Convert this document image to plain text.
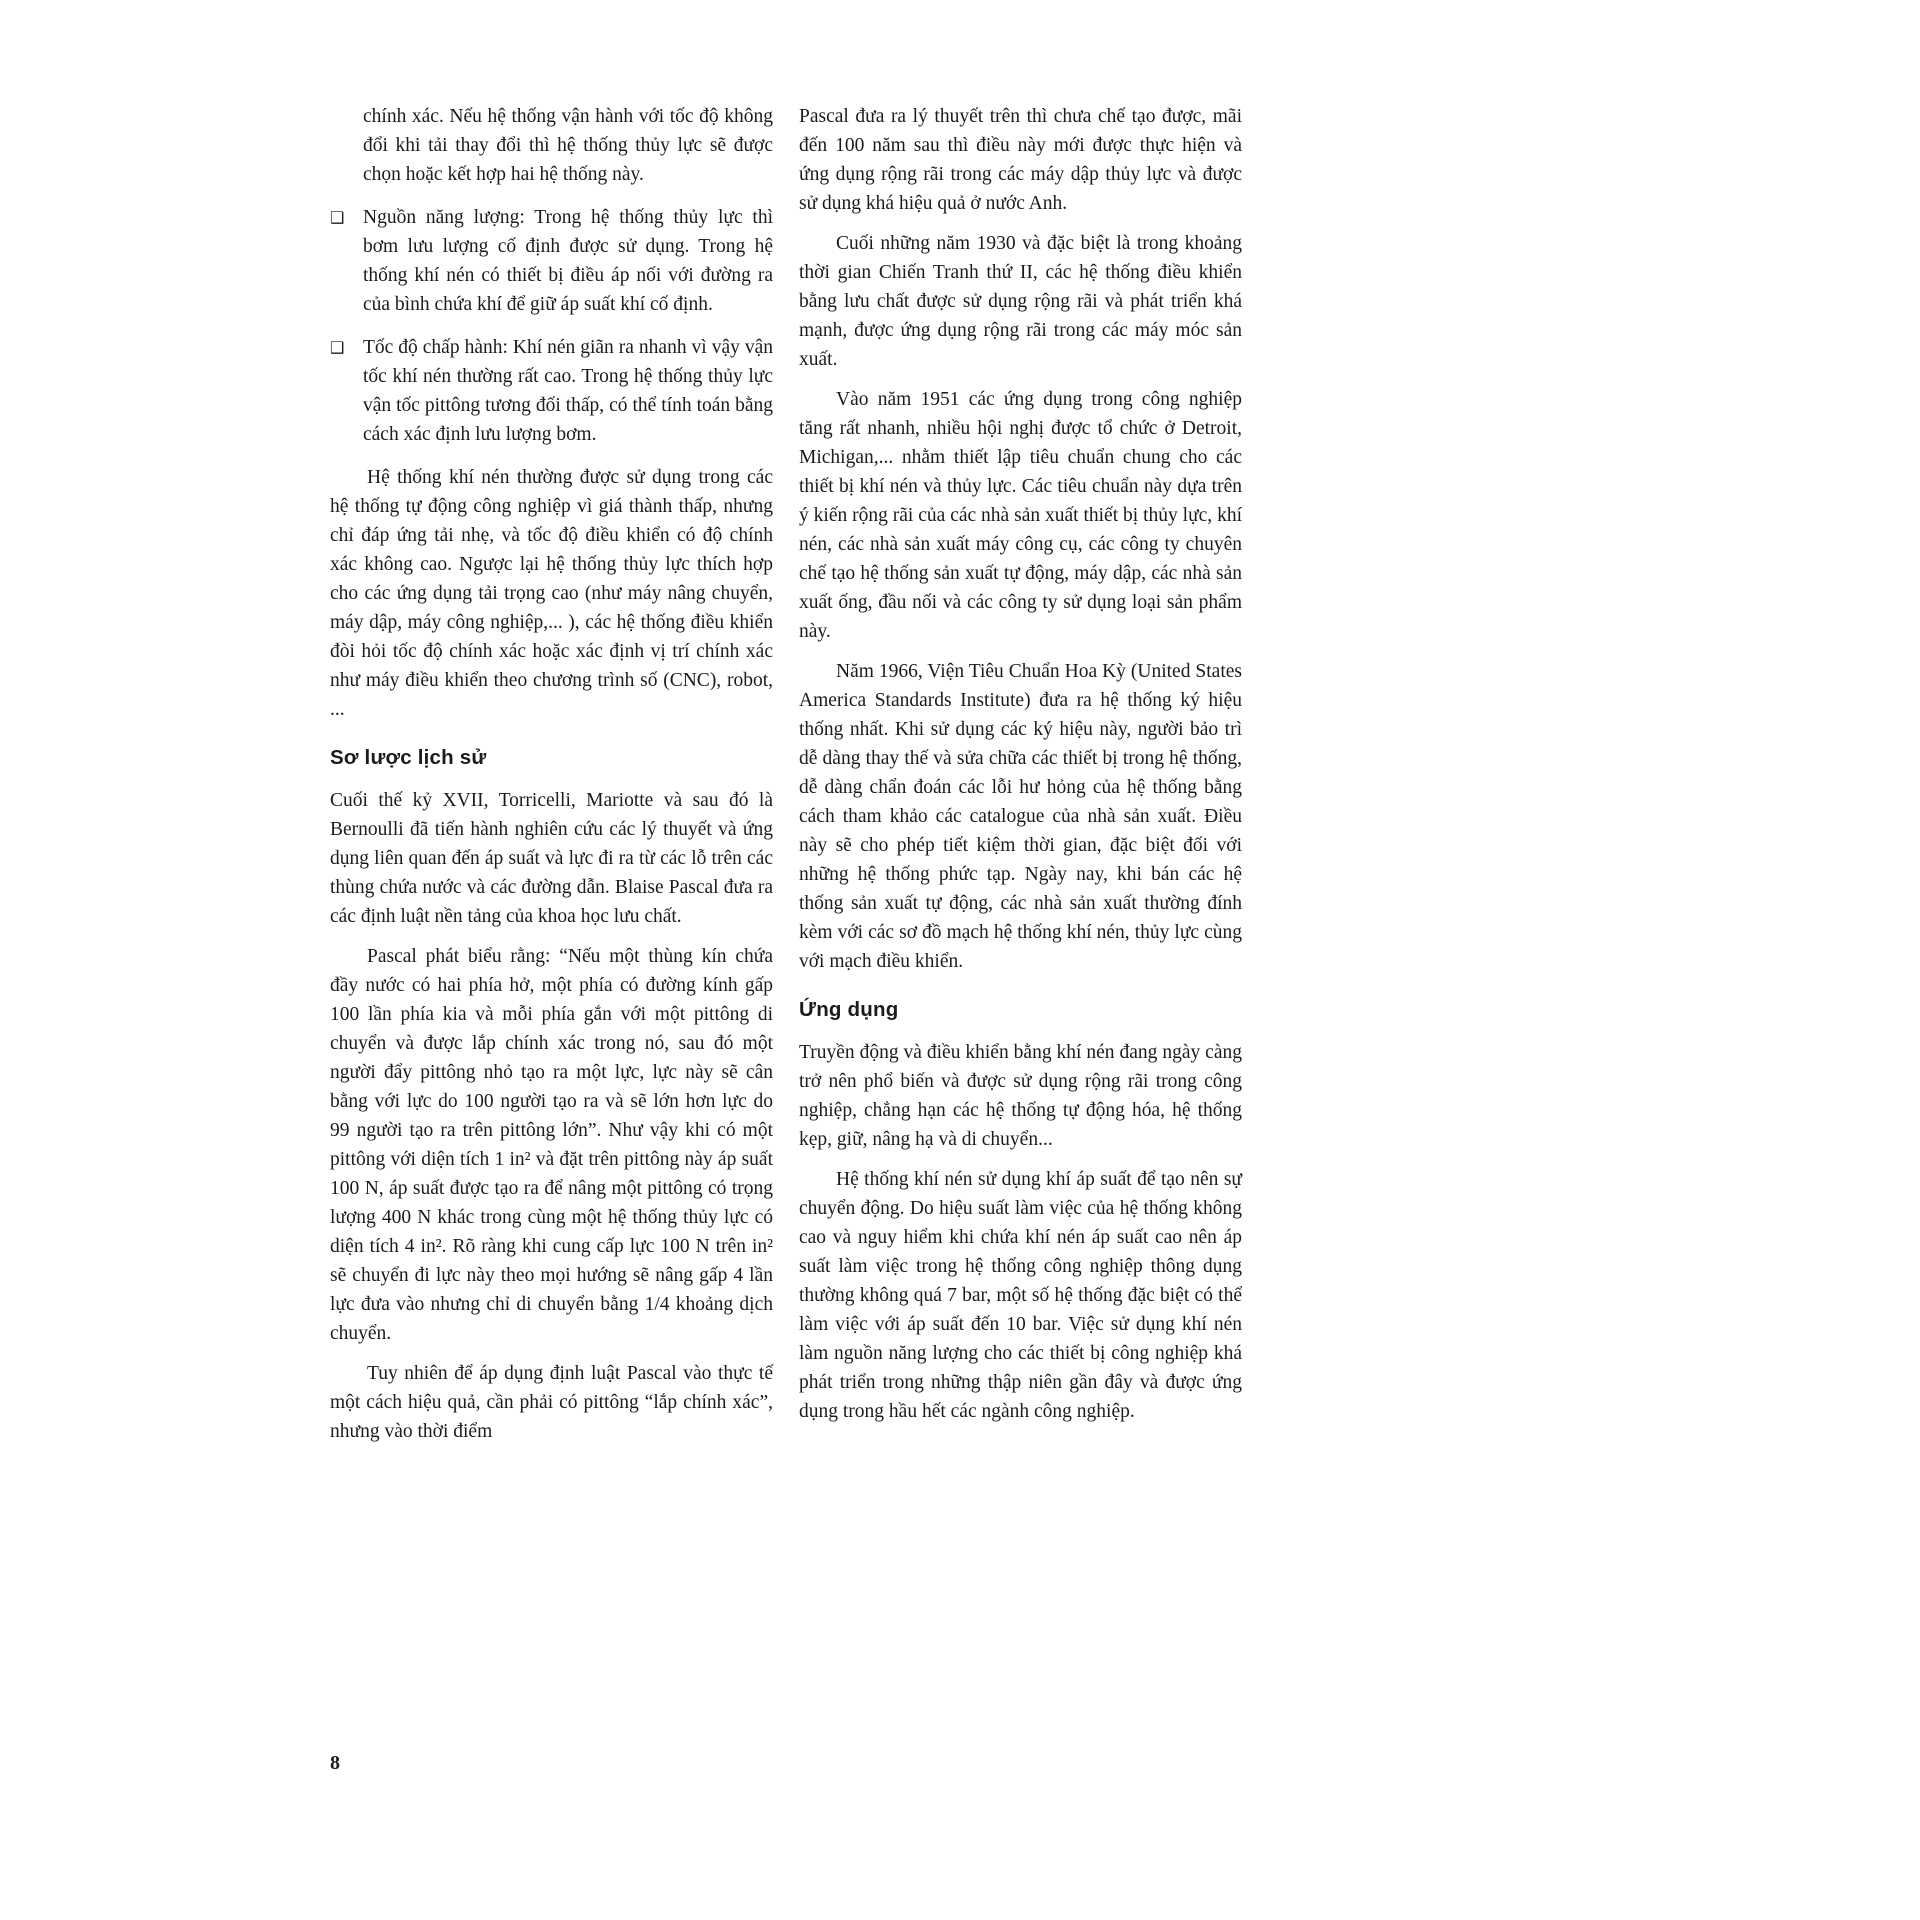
chính xác. Nếu hệ thống vận hành với tốc độ không đổi khi tải thay đổi thì hệ thống thủy lực sẽ được chọn hoặc kết hợp hai hệ thống này.

❑ Nguồn năng lượng: Trong hệ thống thủy lực thì bơm lưu lượng cố định được sử dụng. Trong hệ thống khí nén có thiết bị điều áp nối với đường ra của bình chứa khí để giữ áp suất khí cố định.
❑ Tốc độ chấp hành: Khí nén giãn ra nhanh vì vậy vận tốc khí nén thường rất cao. Trong hệ thống thủy lực vận tốc pittông tương đối thấp, có thể tính toán bằng cách xác định lưu lượng bơm.

Hệ thống khí nén thường được sử dụng trong các hệ thống tự động công nghiệp vì giá thành thấp, nhưng chỉ đáp ứng tải nhẹ, và tốc độ điều khiển có độ chính xác không cao. Ngược lại hệ thống thủy lực thích hợp cho các ứng dụng tải trọng cao (như máy nâng chuyển, máy dập, máy công nghiệp,... ), các hệ thống điều khiển đòi hỏi tốc độ chính xác hoặc xác định vị trí chính xác như máy điều khiển theo chương trình số (CNC), robot, ...

Sơ lược lịch sử

Cuối thế kỷ XVII, Torricelli, Mariotte và sau đó là Bernoulli đã tiến hành nghiên cứu các lý thuyết và ứng dụng liên quan đến áp suất và lực đi ra từ các lỗ trên các thùng chứa nước và các đường dẫn. Blaise Pascal đưa ra các định luật nền tảng của khoa học lưu chất.

Pascal phát biểu rằng: “Nếu một thùng kín chứa đầy nước có hai phía hở, một phía có đường kính gấp 100 lần phía kia và mỗi phía gắn với một pittông di chuyển và được lắp chính xác trong nó, sau đó một người đẩy pittông nhỏ tạo ra một lực, lực này sẽ cân bằng với lực do 100 người tạo ra và sẽ lớn hơn lực do 99 người tạo ra trên pittông lớn”. Như vậy khi có một pittông với diện tích 1 in² và đặt trên pittông này áp suất 100 N, áp suất được tạo ra để nâng một pittông có trọng lượng 400 N khác trong cùng một hệ thống thủy lực có diện tích 4 in². Rõ ràng khi cung cấp lực 100 N trên in² sẽ chuyển đi lực này theo mọi hướng sẽ nâng gấp 4 lần lực đưa vào nhưng chỉ di chuyển bằng 1/4 khoảng dịch chuyển.

Tuy nhiên để áp dụng định luật Pascal vào thực tế một cách hiệu quả, cần phải có pittông “lắp chính xác”, nhưng vào thời điểm

Pascal đưa ra lý thuyết trên thì chưa chế tạo được, mãi đến 100 năm sau thì điều này mới được thực hiện và ứng dụng rộng rãi trong các máy dập thủy lực và được sử dụng khá hiệu quả ở nước Anh.

Cuối những năm 1930 và đặc biệt là trong khoảng thời gian Chiến Tranh thứ II, các hệ thống điều khiển bằng lưu chất được sử dụng rộng rãi và phát triển khá mạnh, được ứng dụng rộng rãi trong các máy móc sản xuất.

Vào năm 1951 các ứng dụng trong công nghiệp tăng rất nhanh, nhiều hội nghị được tổ chức ở Detroit, Michigan,... nhằm thiết lập tiêu chuẩn chung cho các thiết bị khí nén và thủy lực. Các tiêu chuẩn này dựa trên ý kiến rộng rãi của các nhà sản xuất thiết bị thủy lực, khí nén, các nhà sản xuất máy công cụ, các công ty chuyên chế tạo hệ thống sản xuất tự động, máy dập, các nhà sản xuất ống, đầu nối và các công ty sử dụng loại sản phẩm này.

Năm 1966, Viện Tiêu Chuẩn Hoa Kỳ (United States America Standards Institute) đưa ra hệ thống ký hiệu thống nhất. Khi sử dụng các ký hiệu này, người bảo trì dễ dàng thay thế và sửa chữa các thiết bị trong hệ thống, dễ dàng chẩn đoán các lỗi hư hỏng của hệ thống bằng cách tham khảo các catalogue của nhà sản xuất. Điều này sẽ cho phép tiết kiệm thời gian, đặc biệt đối với những hệ thống phức tạp. Ngày nay, khi bán các hệ thống sản xuất tự động, các nhà sản xuất thường đính kèm với các sơ đồ mạch hệ thống khí nén, thủy lực cùng với mạch điều khiển.

Ứng dụng

Truyền động và điều khiển bằng khí nén đang ngày càng trở nên phổ biến và được sử dụng rộng rãi trong công nghiệp, chẳng hạn các hệ thống tự động hóa, hệ thống kẹp, giữ, nâng hạ và di chuyển...

Hệ thống khí nén sử dụng khí áp suất để tạo nên sự chuyển động. Do hiệu suất làm việc của hệ thống không cao và nguy hiểm khi chứa khí nén áp suất cao nên áp suất làm việc trong hệ thống công nghiệp thông dụng thường không quá 7 bar, một số hệ thống đặc biệt có thể làm việc với áp suất đến 10 bar. Việc sử dụng khí nén làm nguồn năng lượng cho các thiết bị công nghiệp khá phát triển trong những thập niên gần đây và được ứng dụng trong hầu hết các ngành công nghiệp.

8
